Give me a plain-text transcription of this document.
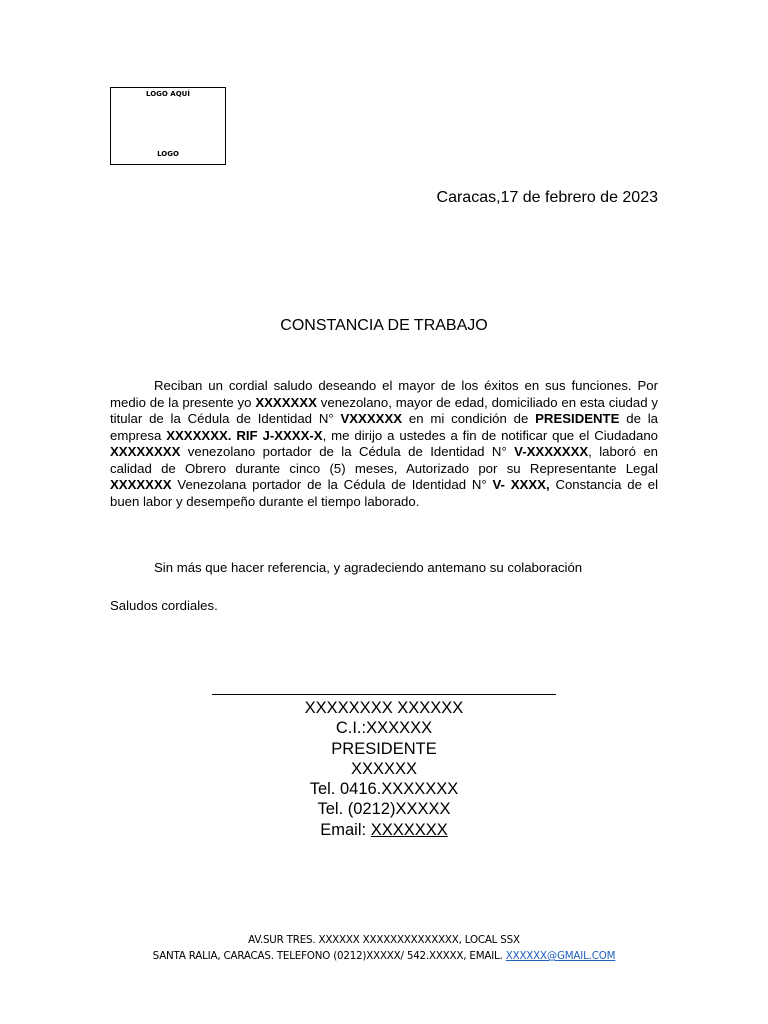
LOGO AQUÍ
LOGO
Caracas,17 de febrero de 2023
CONSTANCIA DE TRABAJO
Reciban un cordial saludo deseando el mayor de los éxitos en sus funciones. Por medio de la presente yo XXXXXXX venezolano, mayor de edad, domiciliado en esta ciudad y titular de la Cédula de Identidad N° VXXXXXX en mi condición de PRESIDENTE de la empresa XXXXXXX. RIF J-XXXX-X, me dirijo a ustedes a fin de notificar que el Ciudadano XXXXXXXX venezolano portador de la Cédula de Identidad N° V-XXXXXXX, laboró en calidad de Obrero durante cinco (5) meses, Autorizado por su Representante Legal XXXXXXX Venezolana portador de la Cédula de Identidad N° V- XXXX, Constancia de el buen labor y desempeño durante el tiempo laborado.
Sin más que hacer referencia, y agradeciendo antemano su colaboración
Saludos cordiales.
XXXXXXXX XXXXXX
C.I.:XXXXXX
PRESIDENTE
XXXXXX
Tel. 0416.XXXXXXX
Tel. (0212)XXXXX
Email: XXXXXXX
AV.SUR TRES. XXXXXX XXXXXXXXXXXXXX, LOCAL SSX
SANTA RALIA, CARACAS. TELEFONO (0212)XXXXX/ 542.XXXXX, EMAIL. XXXXXX@GMAIL.COM
